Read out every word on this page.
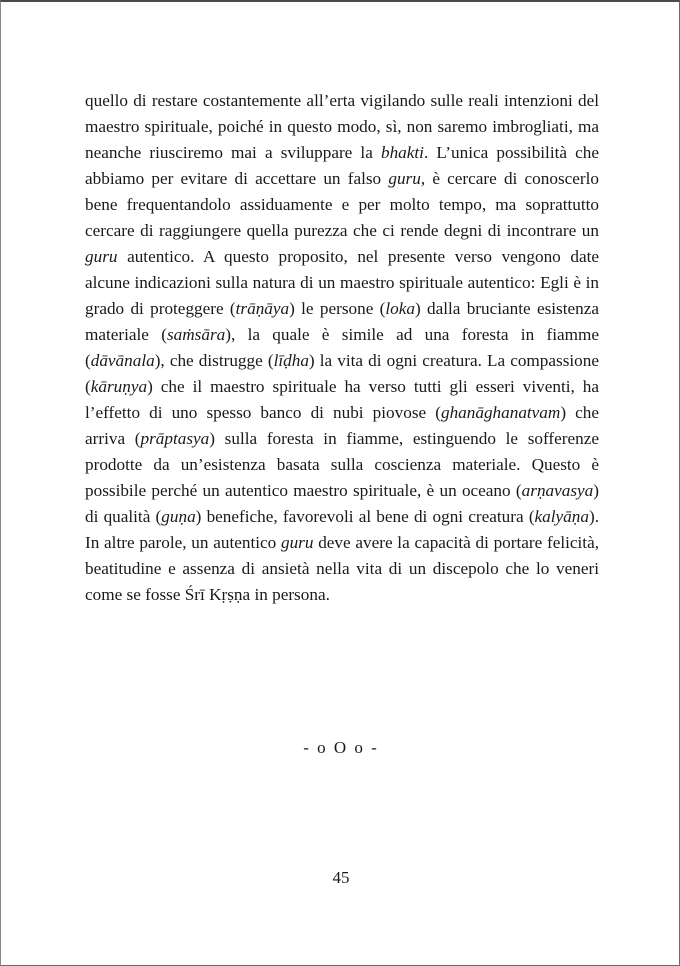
quello di restare costantemente all’erta vigilando sulle reali intenzioni del maestro spirituale, poiché in questo modo, sì, non saremo imbrogliati, ma neanche riusciremo mai a sviluppare la bhakti. L’unica possibilità che abbiamo per evitare di accettare un falso guru, è cercare di conoscerlo bene frequentandolo assiduamente e per molto tempo, ma soprattutto cercare di raggiungere quella purezza che ci rende degni di incontrare un guru autentico. A questo proposito, nel presente verso vengono date alcune indicazioni sulla natura di un maestro spirituale autentico: Egli è in grado di proteggere (trāṇāya) le persone (loka) dalla bruciante esistenza materiale (saṁsāra), la quale è simile ad una foresta in fiamme (dāvānala), che distrugge (līḍha) la vita di ogni creatura. La compassione (kāruṇya) che il maestro spirituale ha verso tutti gli esseri viventi, ha l’effetto di uno spesso banco di nubi piovose (ghanāghanatvam) che arriva (prāptasya) sulla foresta in fiamme, estinguendo le sofferenze prodotte da un’esistenza basata sulla coscienza materiale. Questo è possibile perché un autentico maestro spirituale, è un oceano (arṇavasya) di qualità (guṇa) benefiche, favorevoli al bene di ogni creatura (kalyāṇa). In altre parole, un autentico guru deve avere la capacità di portare felicità, beatitudine e assenza di ansietà nella vita di un discepolo che lo veneri come se fosse Śrī Kṛṣṇa in persona.

- o O o -
45
